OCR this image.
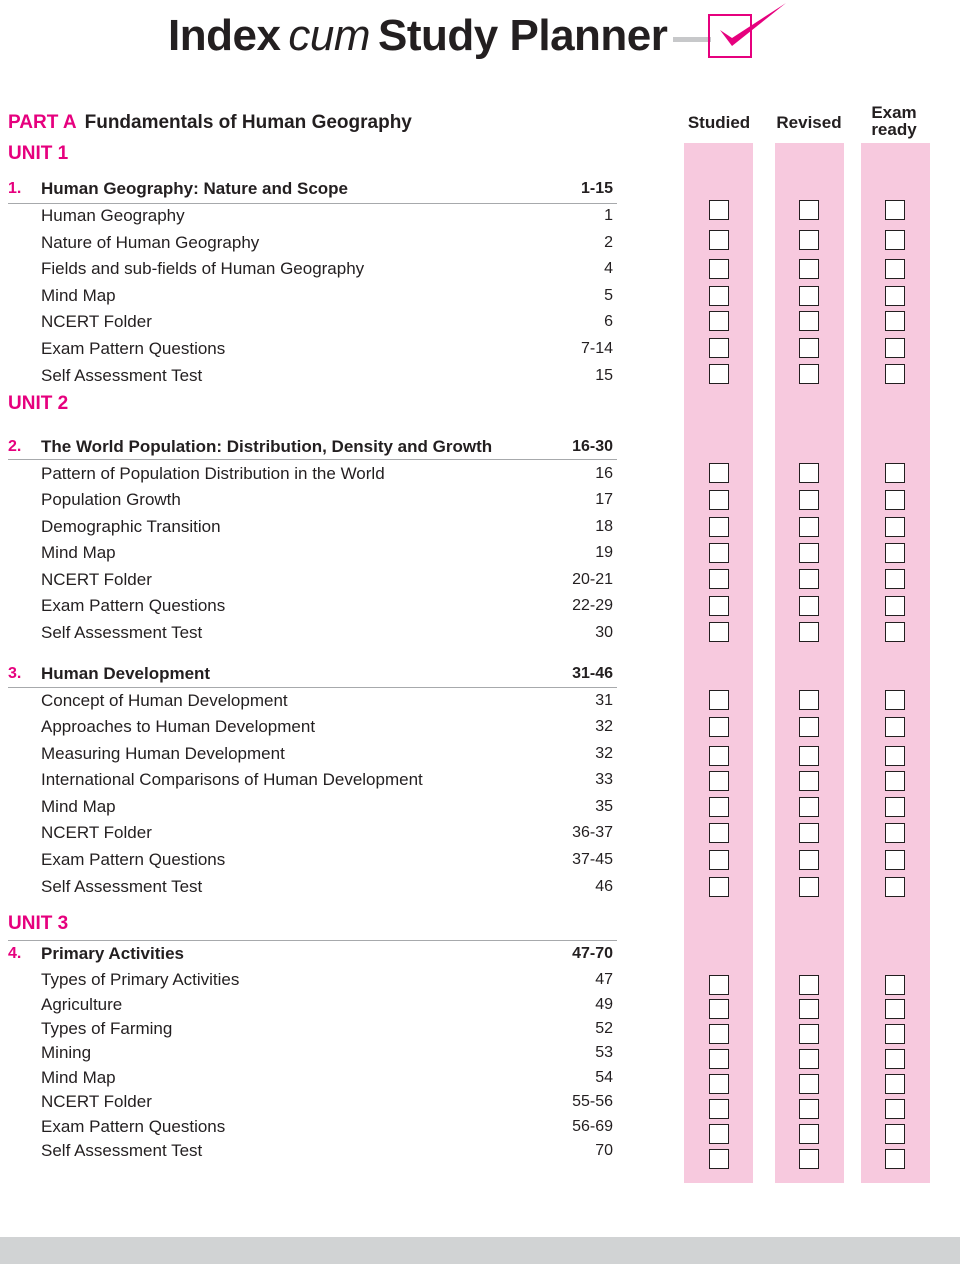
Index cum Study Planner
Studied	Revised
Exam
ready
PART A Fundamentals of Human Geography
UNIT 1
UNIT 2
UNIT 3
1. Human Geography: Nature and Scope	1-15
Human Geography	1
Nature of Human Geography	2
Fields and sub-fields of Human Geography	4
Mind Map	5
NCERT Folder	6
Exam Pattern Questions	7-14
Self Assessment Test	15
2. The World Population: Distribution, Density and Growth	16-30
Pattern of Population Distribution in the World	16
Population Growth	17
Demographic Transition	18
Mind Map	19
NCERT Folder	20-21
Exam Pattern Questions	22-29
Self Assessment Test	30
3. Human Development	31-46
Concept of Human Development	31
Approaches to Human Development	32
Measuring Human Development	32
International Comparisons of Human Development	33
Mind Map	35
NCERT Folder	36-37
Exam Pattern Questions	37-45
Self Assessment Test	46
4. Primary Activities	47-70
Types of Primary Activities	47
Agriculture	49
Types of Farming	52
Mining	53
Mind Map	54
NCERT Folder	55-56
Exam Pattern Questions	56-69
Self Assessment Test	70
